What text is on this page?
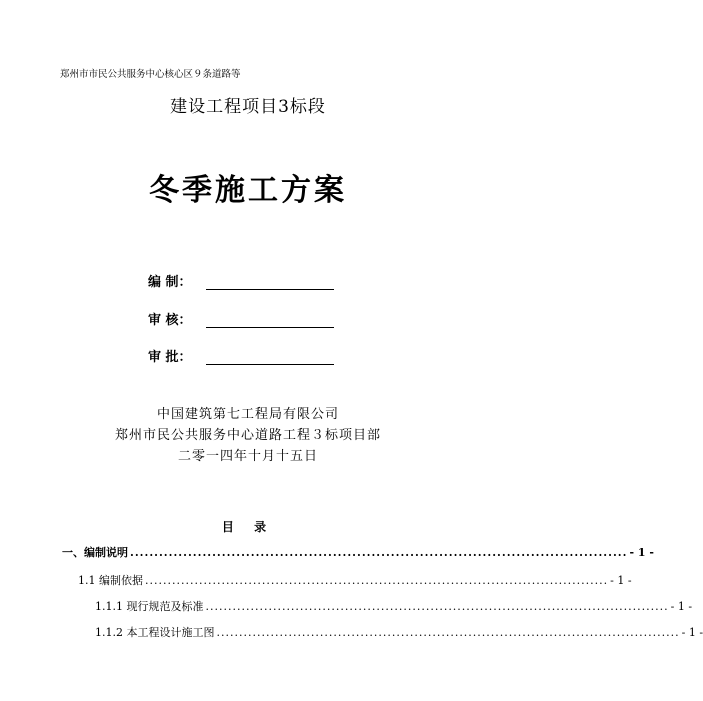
郑州市市民公共服务中心核心区９条道路等
建设工程项目3标段
冬季施工方案
编 制：
审 核：
审 批：
中国建筑第七工程局有限公司
郑州市民公共服务中心道路工程３标项目部
二零一四年十月十五日
目 录
一、编制说明 ....................................................................................................... - 1 -
1.1 编制依据 ....................................................................................................... - 1 -
1.1.1 现行规范及标准 ....................................................................................................... - 1 -
1.1.2 本工程设计施工图 ....................................................................................................... - 1 -
